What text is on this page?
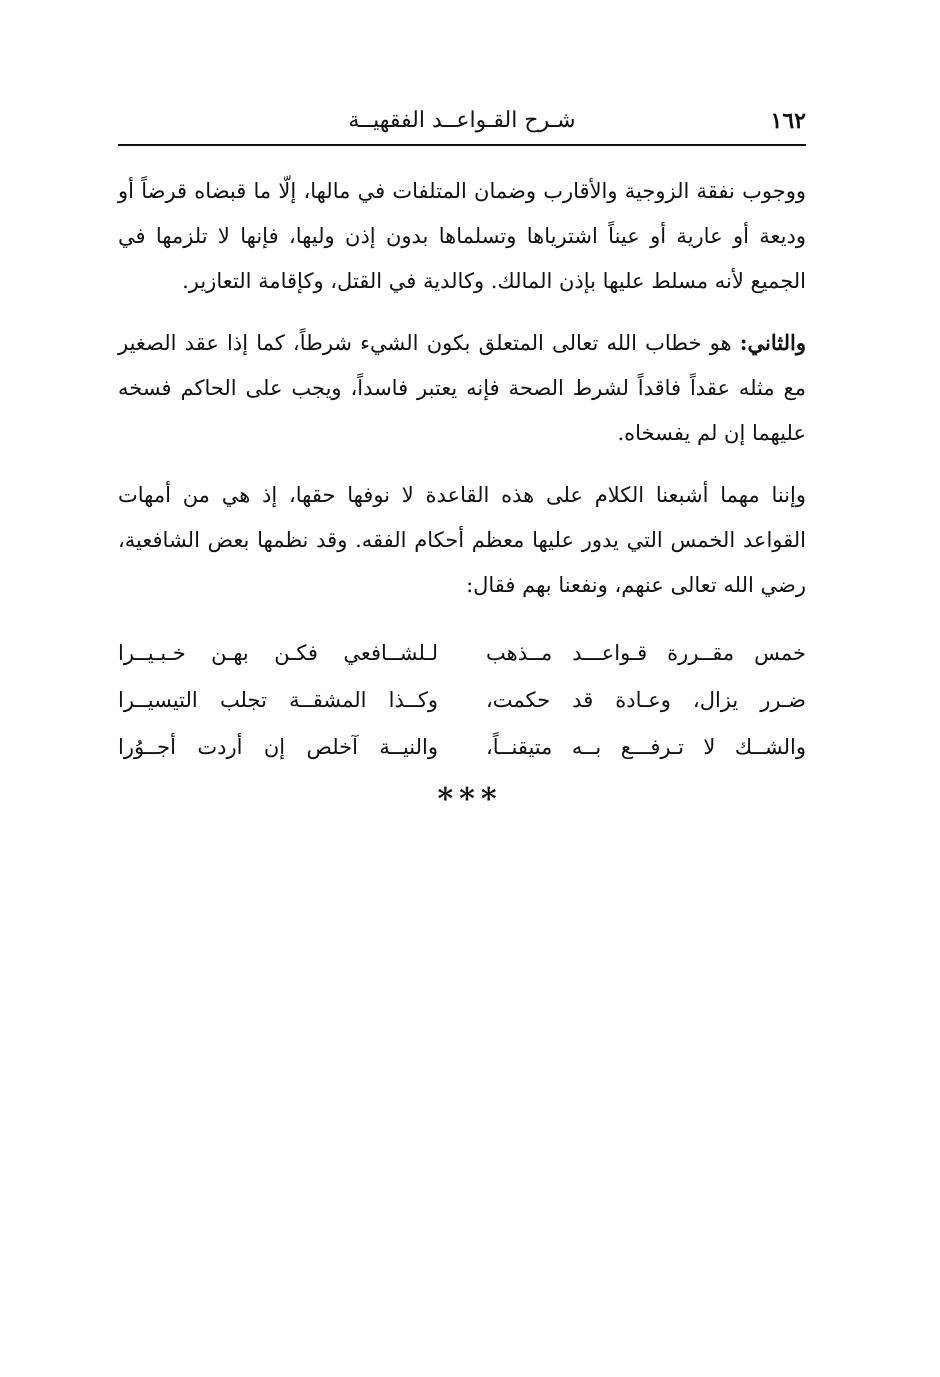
١٦٢
شـرح القـواعــد الفقهيــة

ووجوب نفقة الزوجية والأقارب وضمان المتلفات في مالها، إلّا ما قبضاه قرضاً أو وديعة أو عارية أو عيناً اشترياها وتسلماها بدون إذن وليها، فإنها لا تلزمها في الجميع لأنه مسلط عليها بإذن المالك. وكالدية في القتل، وكإقامة التعازير.

والثاني: هو خطاب الله تعالى المتعلق بكون الشيء شرطاً، كما إذا عقد الصغير مع مثله عقداً فاقداً لشرط الصحة فإنه يعتبر فاسداً، ويجب على الحاكم فسخه عليهما إن لم يفسخاه.

وإننا مهما أشبعنا الكلام على هذه القاعدة لا نوفها حقها، إذ هي من أمهات القواعد الخمس التي يدور عليها معظم أحكام الفقه. وقد نظمها بعض الشافعية، رضي الله تعالى عنهم، ونفعنا بهم فقال:

خمس مقــررة قـواعـــد مــذهب
لـلشــافعي فكـن بهـن خـبـيــرا
ضـرر يزال، وعـادة قد حكمت،
وكــذا المشقــة تجلب التيسيــرا
والشــك لا تـرفـــع بــه متيقنــاً،
والنيــة آخلص إن أردت أجــوُرا
***
